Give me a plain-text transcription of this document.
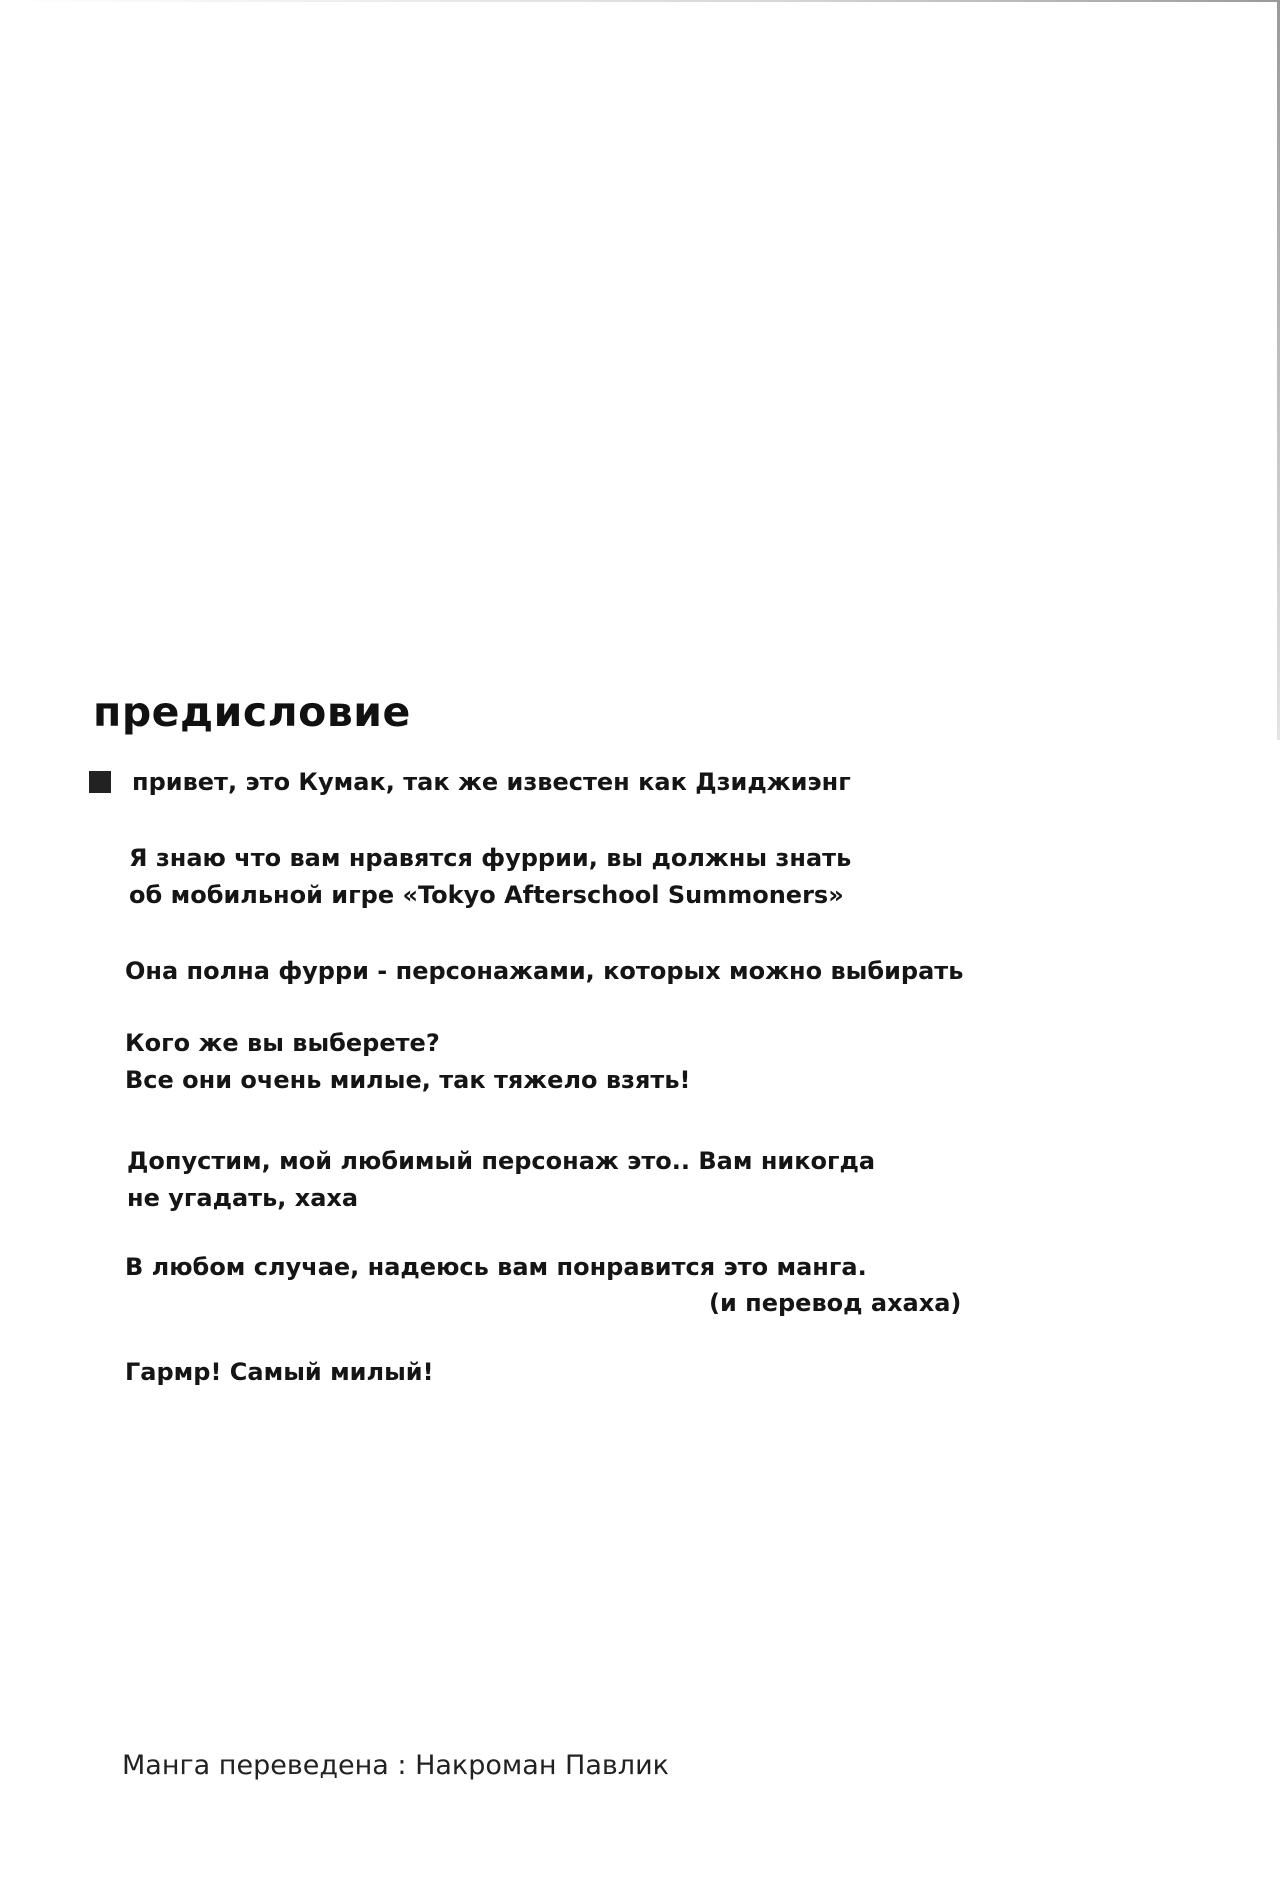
предисловие
привет, это Кумак, так же известен как Дзиджиэнг
Я знаю что вам нравятся фуррии, вы должны знать
об мобильной игре «Tokyo Afterschool Summoners»
Она полна фурри - персонажами, которых можно выбирать
Кого же вы выберете?
Все они очень милые, так тяжело взять!
Допустим, мой любимый персонаж это.. Вам никогда
не угадать, хаха
В любом случае, надеюсь вам понравится это манга.
(и перевод ахаха)
Гармр! Самый милый!
Манга переведена : Накроман Павлик
